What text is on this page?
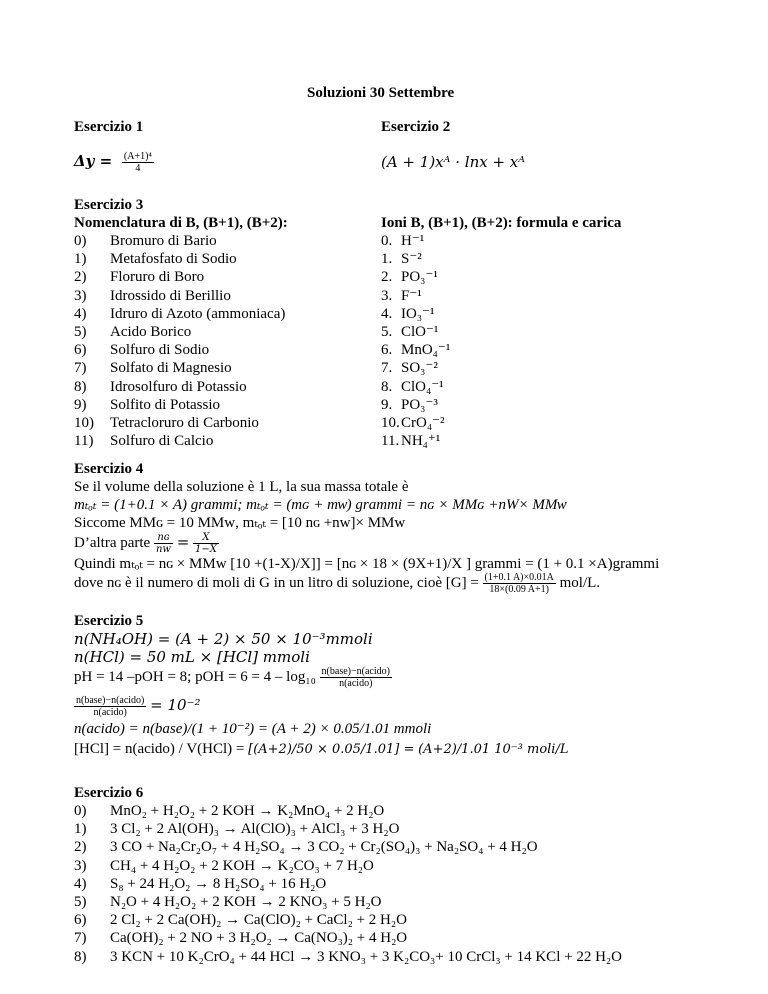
Soluzioni 30 Settembre
Esercizio 1
$\Delta y = \frac{\text{(A+1)⁴}}{4}$
Esercizio 2
(A + 1)xᴬ · lnx + xᴬ
Esercizio 3
Nomenclatura di B, (B+1), (B+2):	Ioni B, (B+1), (B+2): formula e carica
0) Bromuro di Bario
1) Metafosfato di Sodio
2) Floruro di Boro
3) Idrossido di Berillio
4) Idruro di Azoto (ammoniaca)
5) Acido Borico
6) Solfuro di Sodio
7) Solfato di Magnesio
8) Idrosolfuro di Potassio
9) Solfito di Potassio
10) Tetracloruro di Carbonio
11) Solfuro di Calcio
0. H⁻¹
1. S⁻²
2. PO₃⁻¹
3. F⁻¹
4. IO₃⁻¹
5. ClO⁻¹
6. MnO₄⁻¹
7. SO₃⁻²
8. ClO₄⁻¹
9. PO₃⁻³
10. CrO₄⁻²
11. NH₄⁺¹
Esercizio 4
Se il volume della soluzione è 1 L, la sua massa totale è
mₜₒₜ = (1+0.1 × A) grammi; mₜₒₜ = (mɢ + mᴡ) grammi = nɢ × MMɢ +nW× MMᴡ
Siccome MMɢ = 10 MMᴡ, mₜₒₜ = [10 nɢ +nᴡ]× MMᴡ
D’altra parte $\frac{\text{nɢ}}{\text{nᴡ}} = \frac{X}{1-X}$
Quindi mₜₒₜ = nɢ × MMᴡ [10 +(1-X)/X]] = [nɢ × 18 × (9X+1)/X ] grammi = (1 + 0.1 ×A)grammi
dove nɢ è il numero di moli di G in un litro di soluzione, cioè $[G] = \frac{(1+0.1 A)\times 0.01A}{18\times(0.09 A+1)} mol/L$.
Esercizio 5
n(NH₄OH) = (A + 2) × 50 × 10⁻³mmoli
n(HCl) = 50 mL × [HCl] mmoli
pH = 14 –pOH = 8; pOH = $6 = 4 - \log_{10} \frac{\text{n(base)−n(acido)}}{\text{n(acido)}}$
$\frac{\text{n(base)−n(acido)}}{\text{n(acido)}} = 10^{-2}$
n(acido) = n(base)/(1 + 10⁻²) = (A + 2) × 0.05/1.01 mmoli
[HCl] = n(acido) / V(HCl) = [(A+2)/50 × 0.05/1.01] = (A+2)/1.01 10⁻³ moli/L
Esercizio 6
0) MnO₂ + H₂O₂ + 2 KOH → K₂MnO₄ + 2 H₂O
1) 3 Cl₂ + 2 Al(OH)₃ → Al(ClO)₃ + AlCl₃ + 3 H₂O
2) 3 CO + Na₂Cr₂O₇ + 4 H₂SO₄ → 3 CO₂ + Cr₂(SO₄)₃ + Na₂SO₄ + 4 H₂O
3) CH₄ + 4 H₂O₂ + 2 KOH → K₂CO₃ + 7 H₂O
4) S₈ + 24 H₂O₂ → 8 H₂SO₄ + 16 H₂O
5) N₂O + 4 H₂O₂ + 2 KOH → 2 KNO₃ + 5 H₂O
6) 2 Cl₂ + 2 Ca(OH)₂ → Ca(ClO)₂ + CaCl₂ + 2 H₂O
7) Ca(OH)₂ + 2 NO + 3 H₂O₂ → Ca(NO₃)₂ + 4 H₂O
8) 3 KCN + 10 K₂CrO₄ + 44 HCl → 3 KNO₃ + 3 K₂CO₃+ 10 CrCl₃ + 14 KCl + 22 H₂O
